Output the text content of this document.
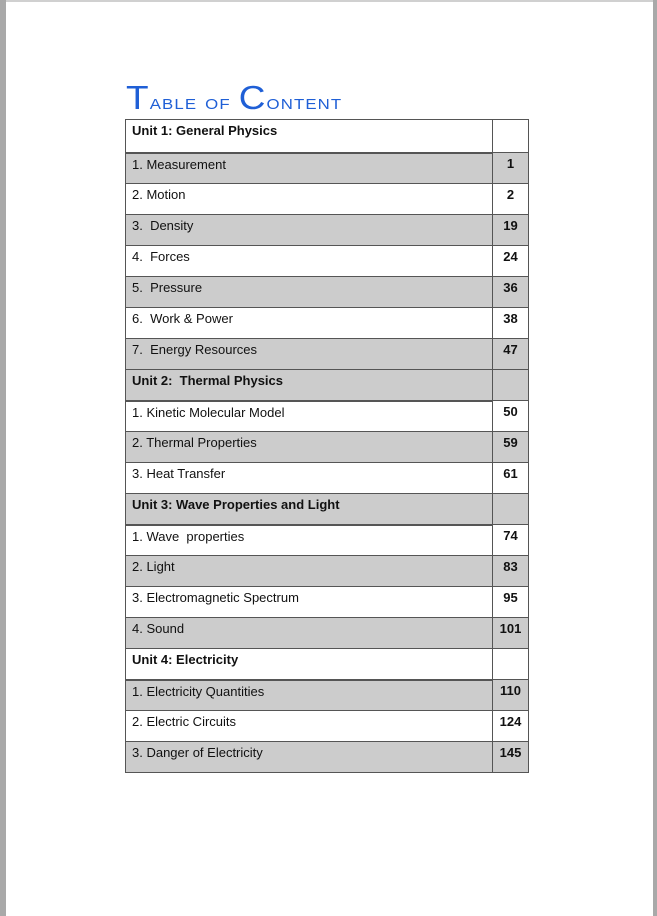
Table of Content
Unit 1: General Physics	
1. Measurement	1
2. Motion	2
3.  Density	19
4.  Forces	24
5.  Pressure	36
6.  Work & Power	38
7.  Energy Resources	47
Unit 2:  Thermal Physics	
1. Kinetic Molecular Model	50
2. Thermal Properties	59
3. Heat Transfer	61
Unit 3: Wave Properties and Light	
1. Wave  properties	74
2. Light	83
3. Electromagnetic Spectrum	95
4. Sound	101
Unit 4: Electricity	
1. Electricity Quantities	110
2. Electric Circuits	124
3. Danger of Electricity	145
